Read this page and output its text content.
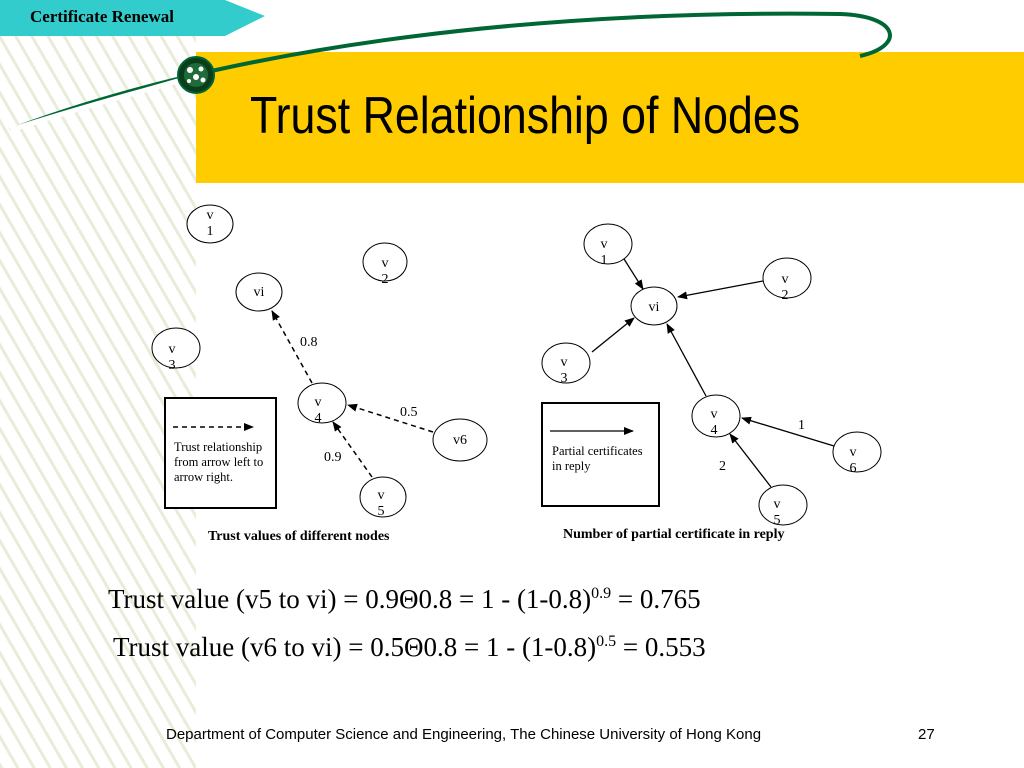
Certificate Renewal
Trust Relationship of Nodes
v
1
v
2
vi
v
3
v
4
v6
v
5
0.8
0.5
0.9
Trust relationship from arrow left to arrow right.
Trust values of different nodes
v
1
v
2
vi
v
3
v
4
v
6
v
5
1
2
Partial certificates in reply
Number of partial certificate in reply
Trust value (v5 to $vi) = 0.9\Theta 0.8 = 1 - (1-0.8)^{0.9} = 0.765$
Trust value (v6 to $vi) = 0.5\Theta 0.8 = 1 - (1-0.8)^{0.5} = 0.553$
Department of Computer Science and Engineering, The Chinese University of Hong Kong	27
